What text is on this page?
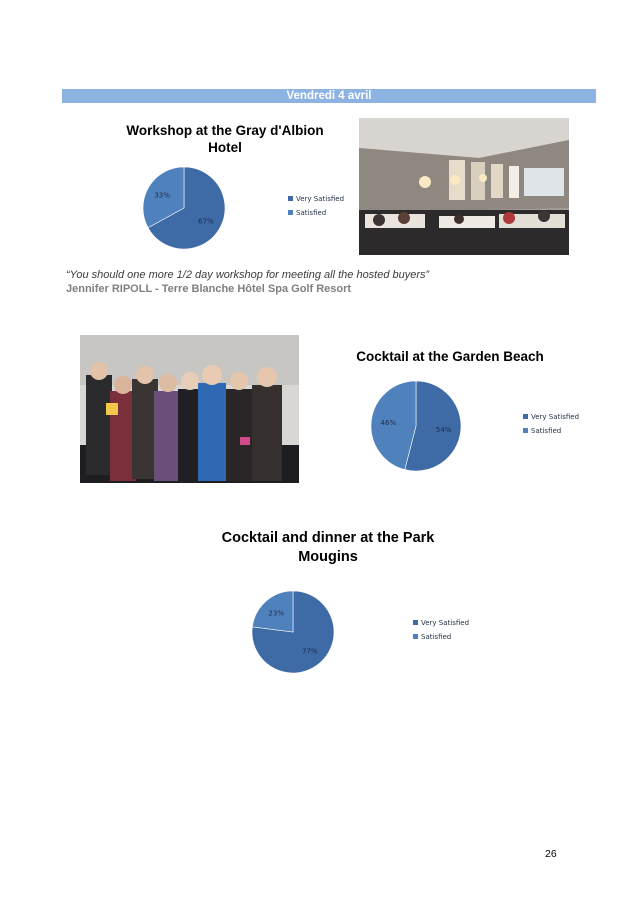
Vendredi 4 avril
Workshop at the Gray d'Albion
Hotel
67%
33%	Very Satisfied
Satisfied
“You should one more 1/2 day workshop for meeting all the hosted buyers”
Jennifer RIPOLL - Terre Blanche Hôtel Spa Golf Resort
Cocktail at the Garden Beach
54%
46%
Very Satisfied
Satisfied
Cocktail and dinner at the Park
Mougins
77%
23%
Very Satisfied
Satisfied
26
